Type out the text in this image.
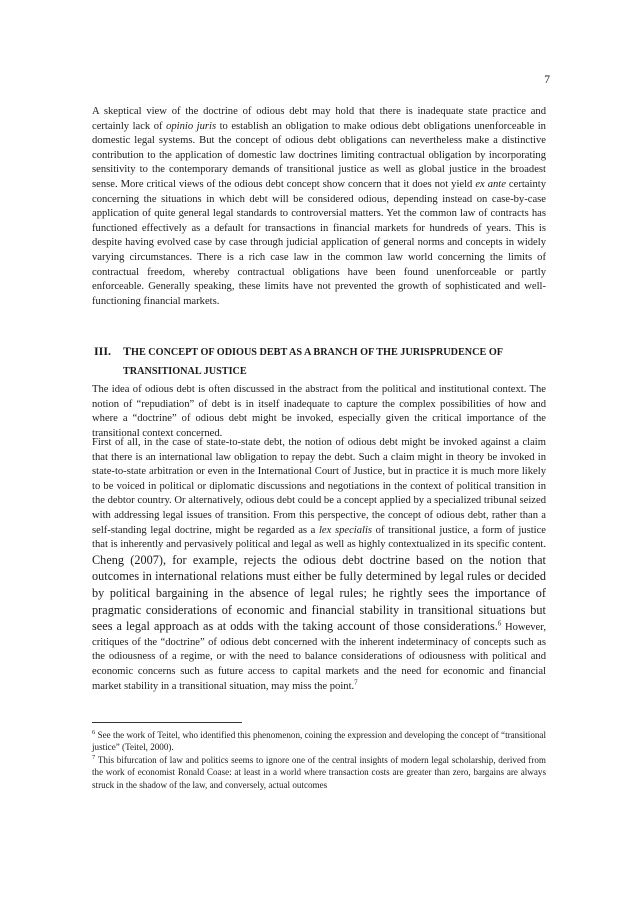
7

A skeptical view of the doctrine of odious debt may hold that there is inadequate state practice and certainly lack of opinio juris to establish an obligation to make odious debt obligations unenforceable in domestic legal systems. But the concept of odious debt obligations can nevertheless make a distinctive contribution to the application of domestic law doctrines limiting contractual obligation by incorporating sensitivity to the contemporary demands of transitional justice as well as global justice in the broadest sense. More critical views of the odious debt concept show concern that it does not yield ex ante certainty concerning the situations in which debt will be considered odious, depending instead on case-by-case application of quite general legal standards to controversial matters. Yet the common law of contracts has functioned effectively as a default for transactions in financial markets for hundreds of years. This is despite having evolved case by case through judicial application of general norms and concepts in widely varying circumstances. There is a rich case law in the common law world concerning the limits of contractual freedom, whereby contractual obligations have been found unenforceable or partly enforceable. Generally speaking, these limits have not prevented the growth of sophisticated and well-functioning financial markets.

III. THE CONCEPT OF ODIOUS DEBT AS A BRANCH OF THE JURISPRUDENCE OF
TRANSITIONAL JUSTICE

The idea of odious debt is often discussed in the abstract from the political and institutional context. The notion of “repudiation” of debt is in itself inadequate to capture the complex possibilities of how and where a “doctrine” of odious debt might be invoked, especially given the critical importance of the transitional context concerned.

First of all, in the case of state-to-state debt, the notion of odious debt might be invoked against a claim that there is an international law obligation to repay the debt. Such a claim might in theory be invoked in state-to-state arbitration or even in the International Court of Justice, but in practice it is much more likely to be voiced in political or diplomatic discussions and negotiations in the context of political transition in the debtor country. Or alternatively, odious debt could be a concept applied by a specialized tribunal seized with addressing legal issues of transition. From this perspective, the concept of odious debt, rather than a self-standing legal doctrine, might be regarded as a lex specialis of transitional justice, a form of justice that is inherently and pervasively political and legal as well as highly contextualized in its specific content. Cheng (2007), for example, rejects the odious debt doctrine based on the notion that outcomes in international relations must either be fully determined by legal rules or decided by political bargaining in the absence of legal rules; he rightly sees the importance of pragmatic considerations of economic and financial stability in transitional situations but sees a legal approach as at odds with the taking account of those considerations.$^6$ However, critiques of the “doctrine” of odious debt concerned with the inherent indeterminacy of concepts such as the odiousness of a regime, or with the need to balance considerations of odiousness with political and economic concerns such as future access to capital markets and the need for economic and financial market stability in a transitional situation, may miss the point.$^7$

$^6$ See the work of Teitel, who identified this phenomenon, coining the expression and developing the concept of “transitional justice” (Teitel, 2000).

$^7$ This bifurcation of law and politics seems to ignore one of the central insights of modern legal scholarship, derived from the work of economist Ronald Coase: at least in a world where transaction costs are greater than zero, bargains are always struck in the shadow of the law, and conversely, actual outcomes
